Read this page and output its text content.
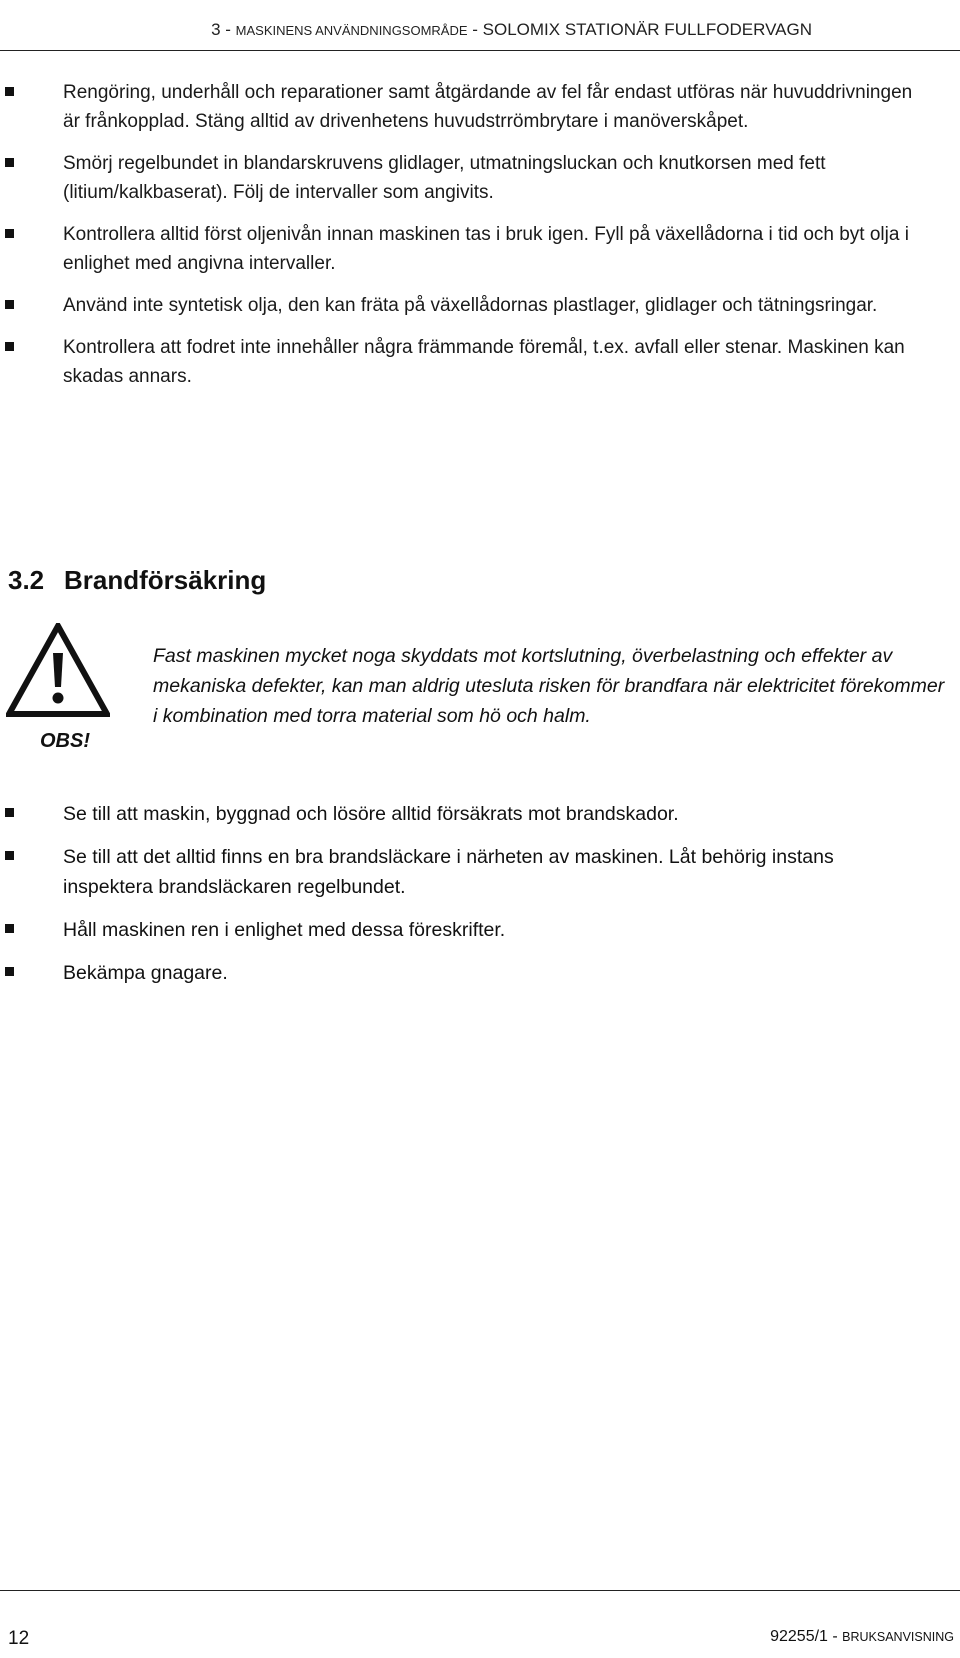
3 - MASKINENS ANVÄNDNINGSOMRÅDE - SOLOMIX STATIONÄR FULLFODERVAGN
Rengöring, underhåll och reparationer samt åtgärdande av fel får endast utföras när huvuddrivningen är frånkopplad. Stäng alltid av drivenhetens huvudstrrömbrytare i manöverskåpet.
Smörj regelbundet in blandarskruvens glidlager, utmatningsluckan och knutkorsen med fett (litium/kalkbaserat). Följ de intervaller som angivits.
Kontrollera alltid först oljenivån innan maskinen tas i bruk igen. Fyll på växellådorna i tid och byt olja i enlighet med angivna intervaller.
Använd inte syntetisk olja, den kan fräta på växellådornas plastlager, glidlager och tätningsringar.
Kontrollera att fodret inte innehåller några främmande föremål, t.ex. avfall eller stenar. Maskinen kan skadas annars.
3.2 Brandförsäkring
OBS!
Fast maskinen mycket noga skyddats mot kortslutning, överbelastning och effekter av mekaniska defekter, kan man aldrig utesluta risken för brandfara när elektricitet förekommer i kombination med torra material som hö och halm.
Se till att maskin, byggnad och lösöre alltid försäkrats mot brandskador.
Se till att det alltid finns en bra brandsläckare i närheten av maskinen. Låt behörig instans inspektera brandsläckaren regelbundet.
Håll maskinen ren i enlighet med dessa föreskrifter.
Bekämpa gnagare.
92255/1 - BRUKSANVISNING
12
